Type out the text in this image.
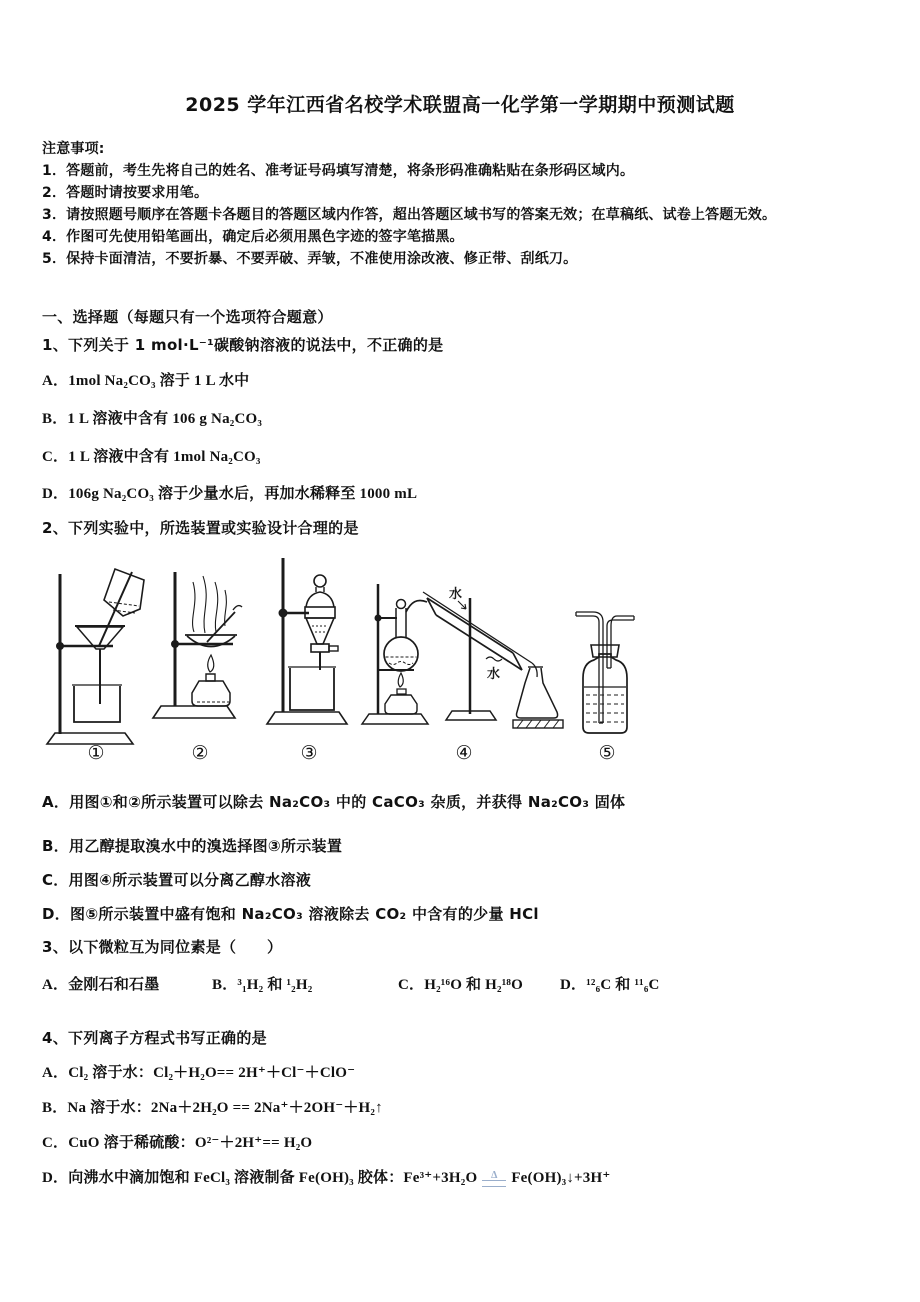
2025 学年江西省名校学术联盟高一化学第一学期期中预测试题
注意事项:
1．答题前，考生先将自己的姓名、准考证号码填写清楚，将条形码准确粘贴在条形码区域内。
2．答题时请按要求用笔。
3．请按照题号顺序在答题卡各题目的答题区域内作答，超出答题区域书写的答案无效；在草稿纸、试卷上答题无效。
4．作图可先使用铅笔画出，确定后必须用黑色字迹的签字笔描黑。
5．保持卡面清洁，不要折暴、不要弄破、弄皱，不准使用涂改液、修正带、刮纸刀。
一、选择题（每题只有一个选项符合题意）
1、下列关于 1 mol·L⁻¹碳酸钠溶液的说法中，不正确的是
A．1mol Na₂CO₃ 溶于 1 L 水中
B．1 L 溶液中含有 106 g Na₂CO₃
C．1 L 溶液中含有 1mol Na₂CO₃
D．106g Na₂CO₃ 溶于少量水后，再加水稀释至 1000 mL
2、下列实验中，所选装置或实验设计合理的是
水
水
①	②	③	④	⑤
A．用图①和②所示装置可以除去 Na₂CO₃ 中的 CaCO₃ 杂质，并获得 Na₂CO₃ 固体
B．用乙醇提取溴水中的溴选择图③所示装置
C．用图④所示装置可以分离乙醇水溶液
D．图⑤所示装置中盛有饱和 Na₂CO₃ 溶液除去 CO₂ 中含有的少量 HCl
3、以下微粒互为同位素是（　　）
A．金刚石和石墨	B．³₁H₂ 和 ¹₂H₂	C．H₂¹⁶O 和 H₂¹⁸O D．¹²₆C 和 ¹¹₆C
4、下列离子方程式书写正确的是
A．Cl₂ 溶于水：Cl₂＋H₂O== 2H⁺＋Cl⁻＋ClO⁻
B．Na 溶于水：2Na＋2H₂O == 2Na⁺＋2OH⁻＋H₂↑
C．CuO 溶于稀硫酸：O²⁻＋2H⁺== H₂O
D．向沸水中滴加饱和 FeCl₃ 溶液制备 Fe(OH)₃ 胶体：Fe³⁺+3H₂O Δ Fe(OH)₃↓+3H⁺
